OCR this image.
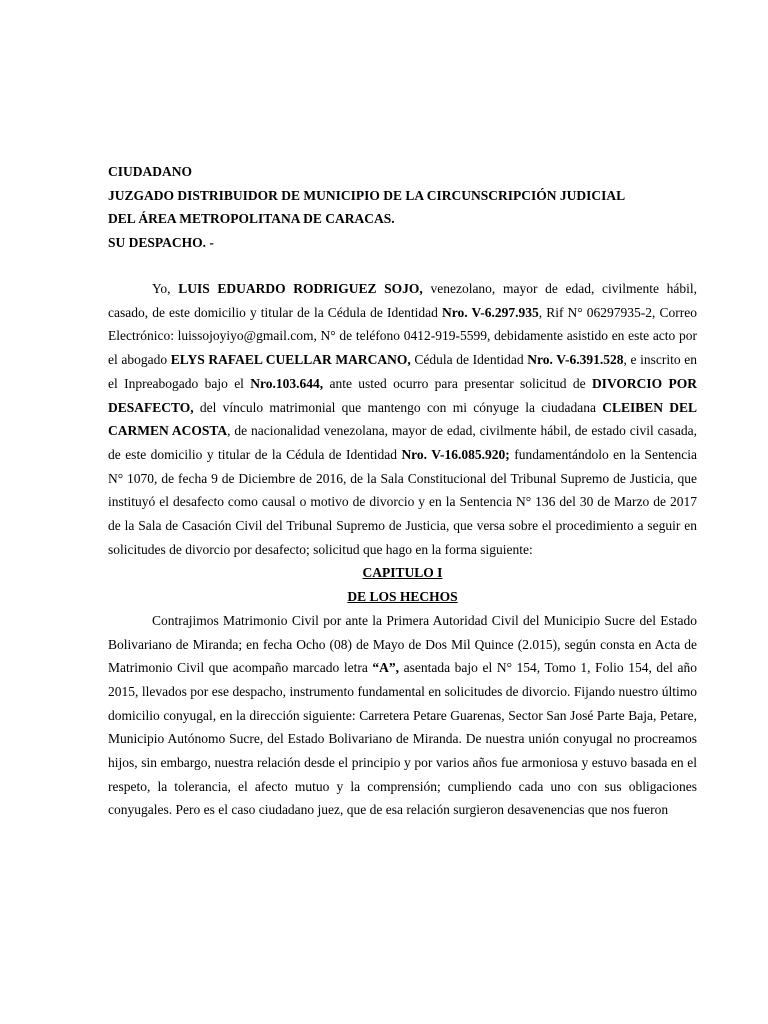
CIUDADANO
JUZGADO DISTRIBUIDOR DE MUNICIPIO DE LA CIRCUNSCRIPCIÓN JUDICIAL
DEL ÁREA METROPOLITANA DE CARACAS.
SU DESPACHO. -

Yo, LUIS EDUARDO RODRIGUEZ SOJO, venezolano, mayor de edad, civilmente hábil, casado, de este domicilio y titular de la Cédula de Identidad Nro. V-6.297.935, Rif N° 06297935-2, Correo Electrónico: luissojoyiyo@gmail.com, N° de teléfono 0412-919-5599, debidamente asistido en este acto por el abogado ELYS RAFAEL CUELLAR MARCANO, Cédula de Identidad Nro. V-6.391.528, e inscrito en el Inpreabogado bajo el Nro.103.644, ante usted ocurro para presentar solicitud de DIVORCIO POR DESAFECTO, del vínculo matrimonial que mantengo con mi cónyuge la ciudadana CLEIBEN DEL CARMEN ACOSTA, de nacionalidad venezolana, mayor de edad, civilmente hábil, de estado civil casada, de este domicilio y titular de la Cédula de Identidad Nro. V-16.085.920; fundamentándolo en la Sentencia N° 1070, de fecha 9 de Diciembre de 2016, de la Sala Constitucional del Tribunal Supremo de Justicia, que instituyó el desafecto como causal o motivo de divorcio y en la Sentencia N° 136 del 30 de Marzo de 2017 de la Sala de Casación Civil del Tribunal Supremo de Justicia, que versa sobre el procedimiento a seguir en solicitudes de divorcio por desafecto; solicitud que hago en la forma siguiente:

CAPITULO I

DE LOS HECHOS

Contrajimos Matrimonio Civil por ante la Primera Autoridad Civil del Municipio Sucre del Estado Bolivariano de Miranda; en fecha Ocho (08) de Mayo de Dos Mil Quince (2.015), según consta en Acta de Matrimonio Civil que acompaño marcado letra “A”, asentada bajo el N° 154, Tomo 1, Folio 154, del año 2015, llevados por ese despacho, instrumento fundamental en solicitudes de divorcio. Fijando nuestro último domicilio conyugal, en la dirección siguiente: Carretera Petare Guarenas, Sector San José Parte Baja, Petare, Municipio Autónomo Sucre, del Estado Bolivariano de Miranda. De nuestra unión conyugal no procreamos hijos, sin embargo, nuestra relación desde el principio y por varios años fue armoniosa y estuvo basada en el respeto, la tolerancia, el afecto mutuo y la comprensión; cumpliendo cada uno con sus obligaciones conyugales. Pero es el caso ciudadano juez, que de esa relación surgieron desavenencias que nos fueron
